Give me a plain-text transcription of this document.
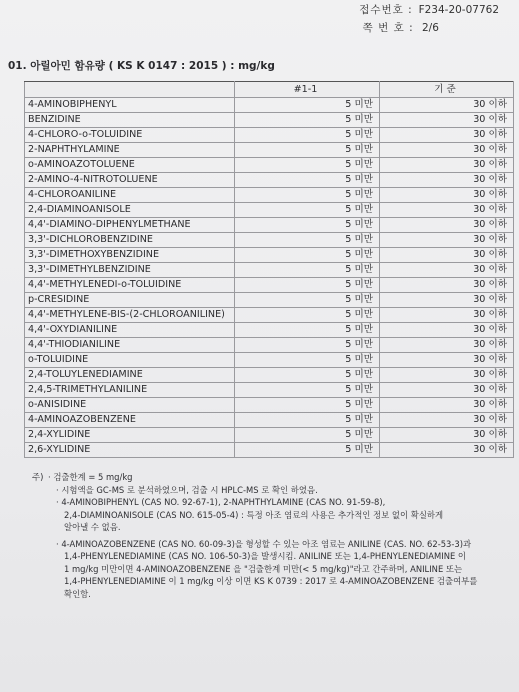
접수번호 : F234-20-07762
쪽 번 호 : 2/6
01. 아릴아민 함유량 ( KS K 0147 : 2015 ) : mg/kg
	#1-1	기 준
4-AMINOBIPHENYL	5 미만	30 이하
BENZIDINE	5 미만	30 이하
4-CHLORO-o-TOLUIDINE	5 미만	30 이하
2-NAPHTHYLAMINE	5 미만	30 이하
o-AMINOAZOTOLUENE	5 미만	30 이하
2-AMINO-4-NITROTOLUENE	5 미만	30 이하
4-CHLOROANILINE	5 미만	30 이하
2,4-DIAMINOANISOLE	5 미만	30 이하
4,4'-DIAMINO-DIPHENYLMETHANE	5 미만	30 이하
3,3'-DICHLOROBENZIDINE	5 미만	30 이하
3,3'-DIMETHOXYBENZIDINE	5 미만	30 이하
3,3'-DIMETHYLBENZIDINE	5 미만	30 이하
4,4'-METHYLENEDI-o-TOLUIDINE	5 미만	30 이하
p-CRESIDINE	5 미만	30 이하
4,4'-METHYLENE-BIS-(2-CHLOROANILINE)	5 미만	30 이하
4,4'-OXYDIANILINE	5 미만	30 이하
4,4'-THIODIANILINE	5 미만	30 이하
o-TOLUIDINE	5 미만	30 이하
2,4-TOLUYLENEDIAMINE	5 미만	30 이하
2,4,5-TRIMETHYLANILINE	5 미만	30 이하
o-ANISIDINE	5 미만	30 이하
4-AMINOAZOBENZENE	5 미만	30 이하
2,4-XYLIDINE	5 미만	30 이하
2,6-XYLIDINE	5 미만	30 이하
주) · 검출한계 = 5 mg/kg
· 시험액을 GC-MS 로 분석하였으며, 검출 시 HPLC-MS 로 확인 하였음.
· 4-AMINOBIPHENYL (CAS NO. 92-67-1), 2-NAPHTHYLAMINE (CAS NO. 91-59-8),
2,4-DIAMINOANISOLE (CAS NO. 615-05-4) : 특정 아조 염료의 사용은 추가적인 정보 없이 확실하게
알아낼 수 없음.
· 4-AMINOAZOBENZENE (CAS NO. 60-09-3)을 형성할 수 있는 아조 염료는 ANILINE (CAS. NO. 62-53-3)과
1,4-PHENYLENEDIAMINE (CAS NO. 106-50-3)을 발생시킴. ANILINE 또는 1,4-PHENYLENEDIAMINE 이
1 mg/kg 미만이면 4-AMINOAZOBENZENE 을 "검출한계 미만(< 5 mg/kg)"라고 간주하며, ANILINE 또는
1,4-PHENYLENEDIAMINE 이 1 mg/kg 이상 이면 KS K 0739 : 2017 로 4-AMINOAZOBENZENE 검출여부를
확인함.
